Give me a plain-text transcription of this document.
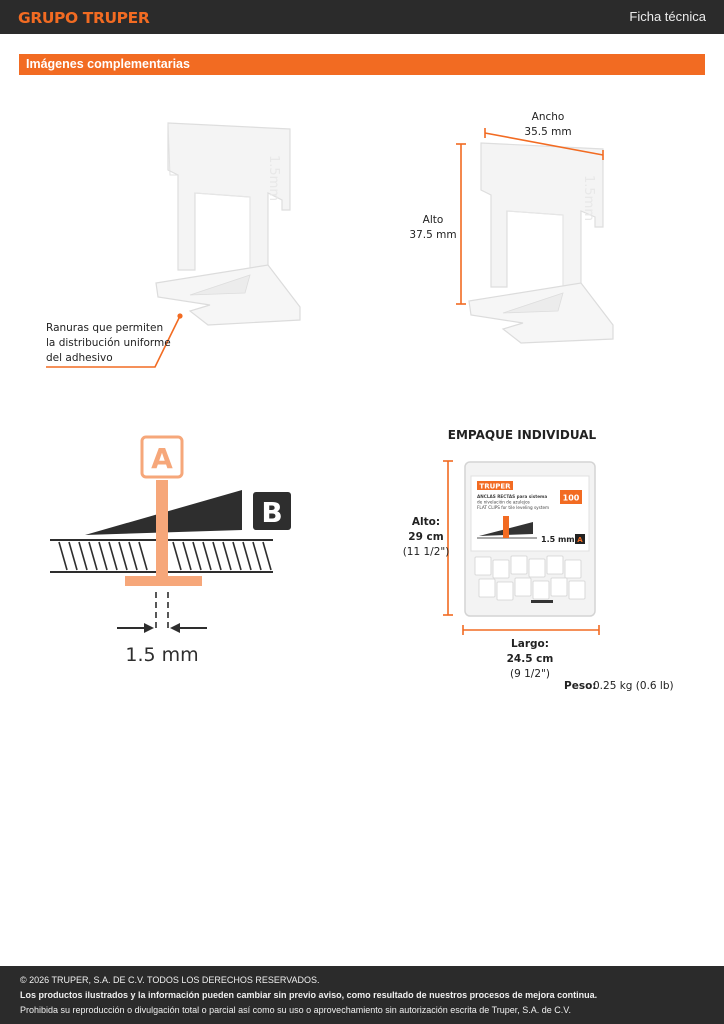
GRUPO TRUPER	Ficha técnica
Imágenes complementarias
1.5mm
Ranuras que permiten
la distribución uniforme
del adhesivo
1.5mm
Ancho
35.5 mm
Alto
37.5 mm
A
B
1.5 mm
EMPAQUE INDIVIDUAL
TRUPER
ANCLAS RECTAS para sistema
de nivelación de azulejos
FLAT CLIPS for tile leveling system
100
1.5 mm A
Alto:
29 cm
(11 1/2")
Largo:
24.5 cm
(9 1/2")
Peso:
0.25 kg (0.6 lb)
© 2026 TRUPER, S.A. DE C.V. TODOS LOS DERECHOS RESERVADOS.
Los productos ilustrados y la información pueden cambiar sin previo aviso, como resultado de nuestros procesos de mejora continua.
Prohibida su reproducción o divulgación total o parcial así como su uso o aprovechamiento sin autorización escrita de Truper, S.A. de C.V.
